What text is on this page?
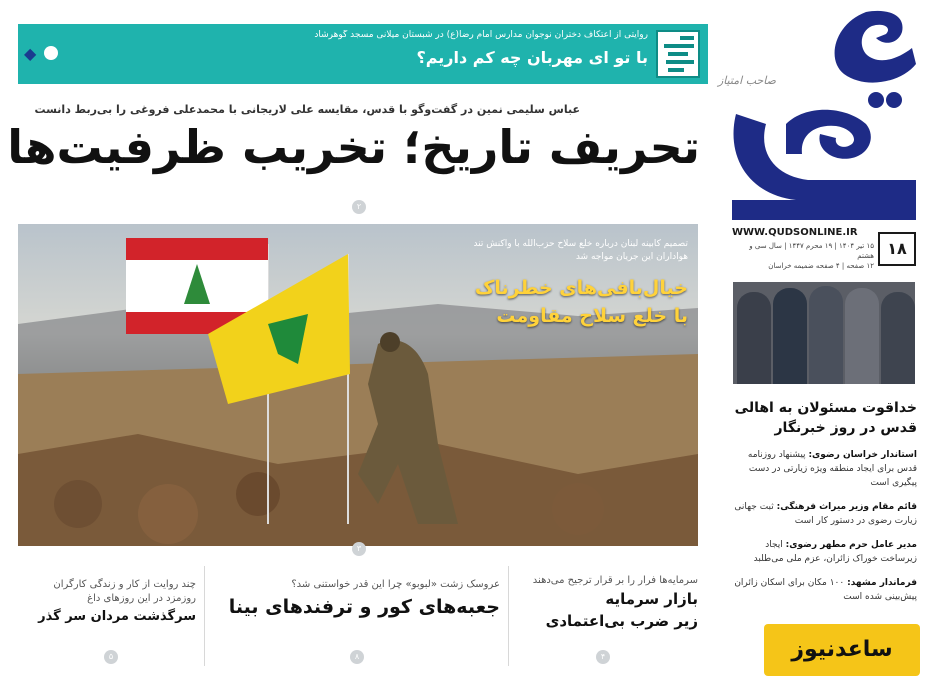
روایتی از اعتکاف دختران نوجوان مدارس امام رضا(ع) در شبستان میلانی مسجد گوهرشاد
با تو ای مهربان چه کم داریم؟
◆
صاحب امتیاز
WWW.QUDSONLINE.IR
۱۸
۱۵ تیر ۱۴۰۴ | ۱۹ محرم ۱۴۴۷ | سال سی و هشتم
۱۲ صفحه | ۴ صفحه ضمیمه خراسان
عباس سلیمی نمین در گفت‌وگو با قدس، مقایسه علی لاریجانی با محمدعلی فروغی را بی‌ربط دانست
تحریف تاریخ؛ تخریب ظرفیت‌ها
۲
تصمیم کابینه لبنان درباره خلع سلاح حزب‌الله با واکنش تند هواداران این جریان مواجه شد
خیال‌بافی‌های خطرناک
با خلع سلاح مقاومت
۳
خداقوت مسئولان به اهالی قدس در روز خبرنگار
استاندار خراسان رضوی: پیشنهاد روزنامه قدس برای ایجاد منطقه ویژه زیارتی در دست پیگیری است
قائم مقام وزیر میراث فرهنگی: ثبت جهانی زیارت رضوی در دستور کار است
مدیر عامل حرم مطهر رضوی: ایجاد زیرساخت خوراک زائران، عزم ملی می‌طلبد
فرماندار مشهد: ۱۰۰ مکان برای اسکان زائران پیش‌بینی شده است
سرمایه‌ها فرار را بر قرار ترجیح می‌دهند
بازار سرمایه
زیر ضرب بی‌اعتمادی
۴
عروسک زشت «لبوبو» چرا این قدر خواستنی شد؟
جعبه‌های کور و ترفندهای بینا
۸
چند روایت از کار و زندگی کارگران روزمزد در این روزهای داغ
سرگذشت مردان سر گذر
۵	ساعدنیوز
